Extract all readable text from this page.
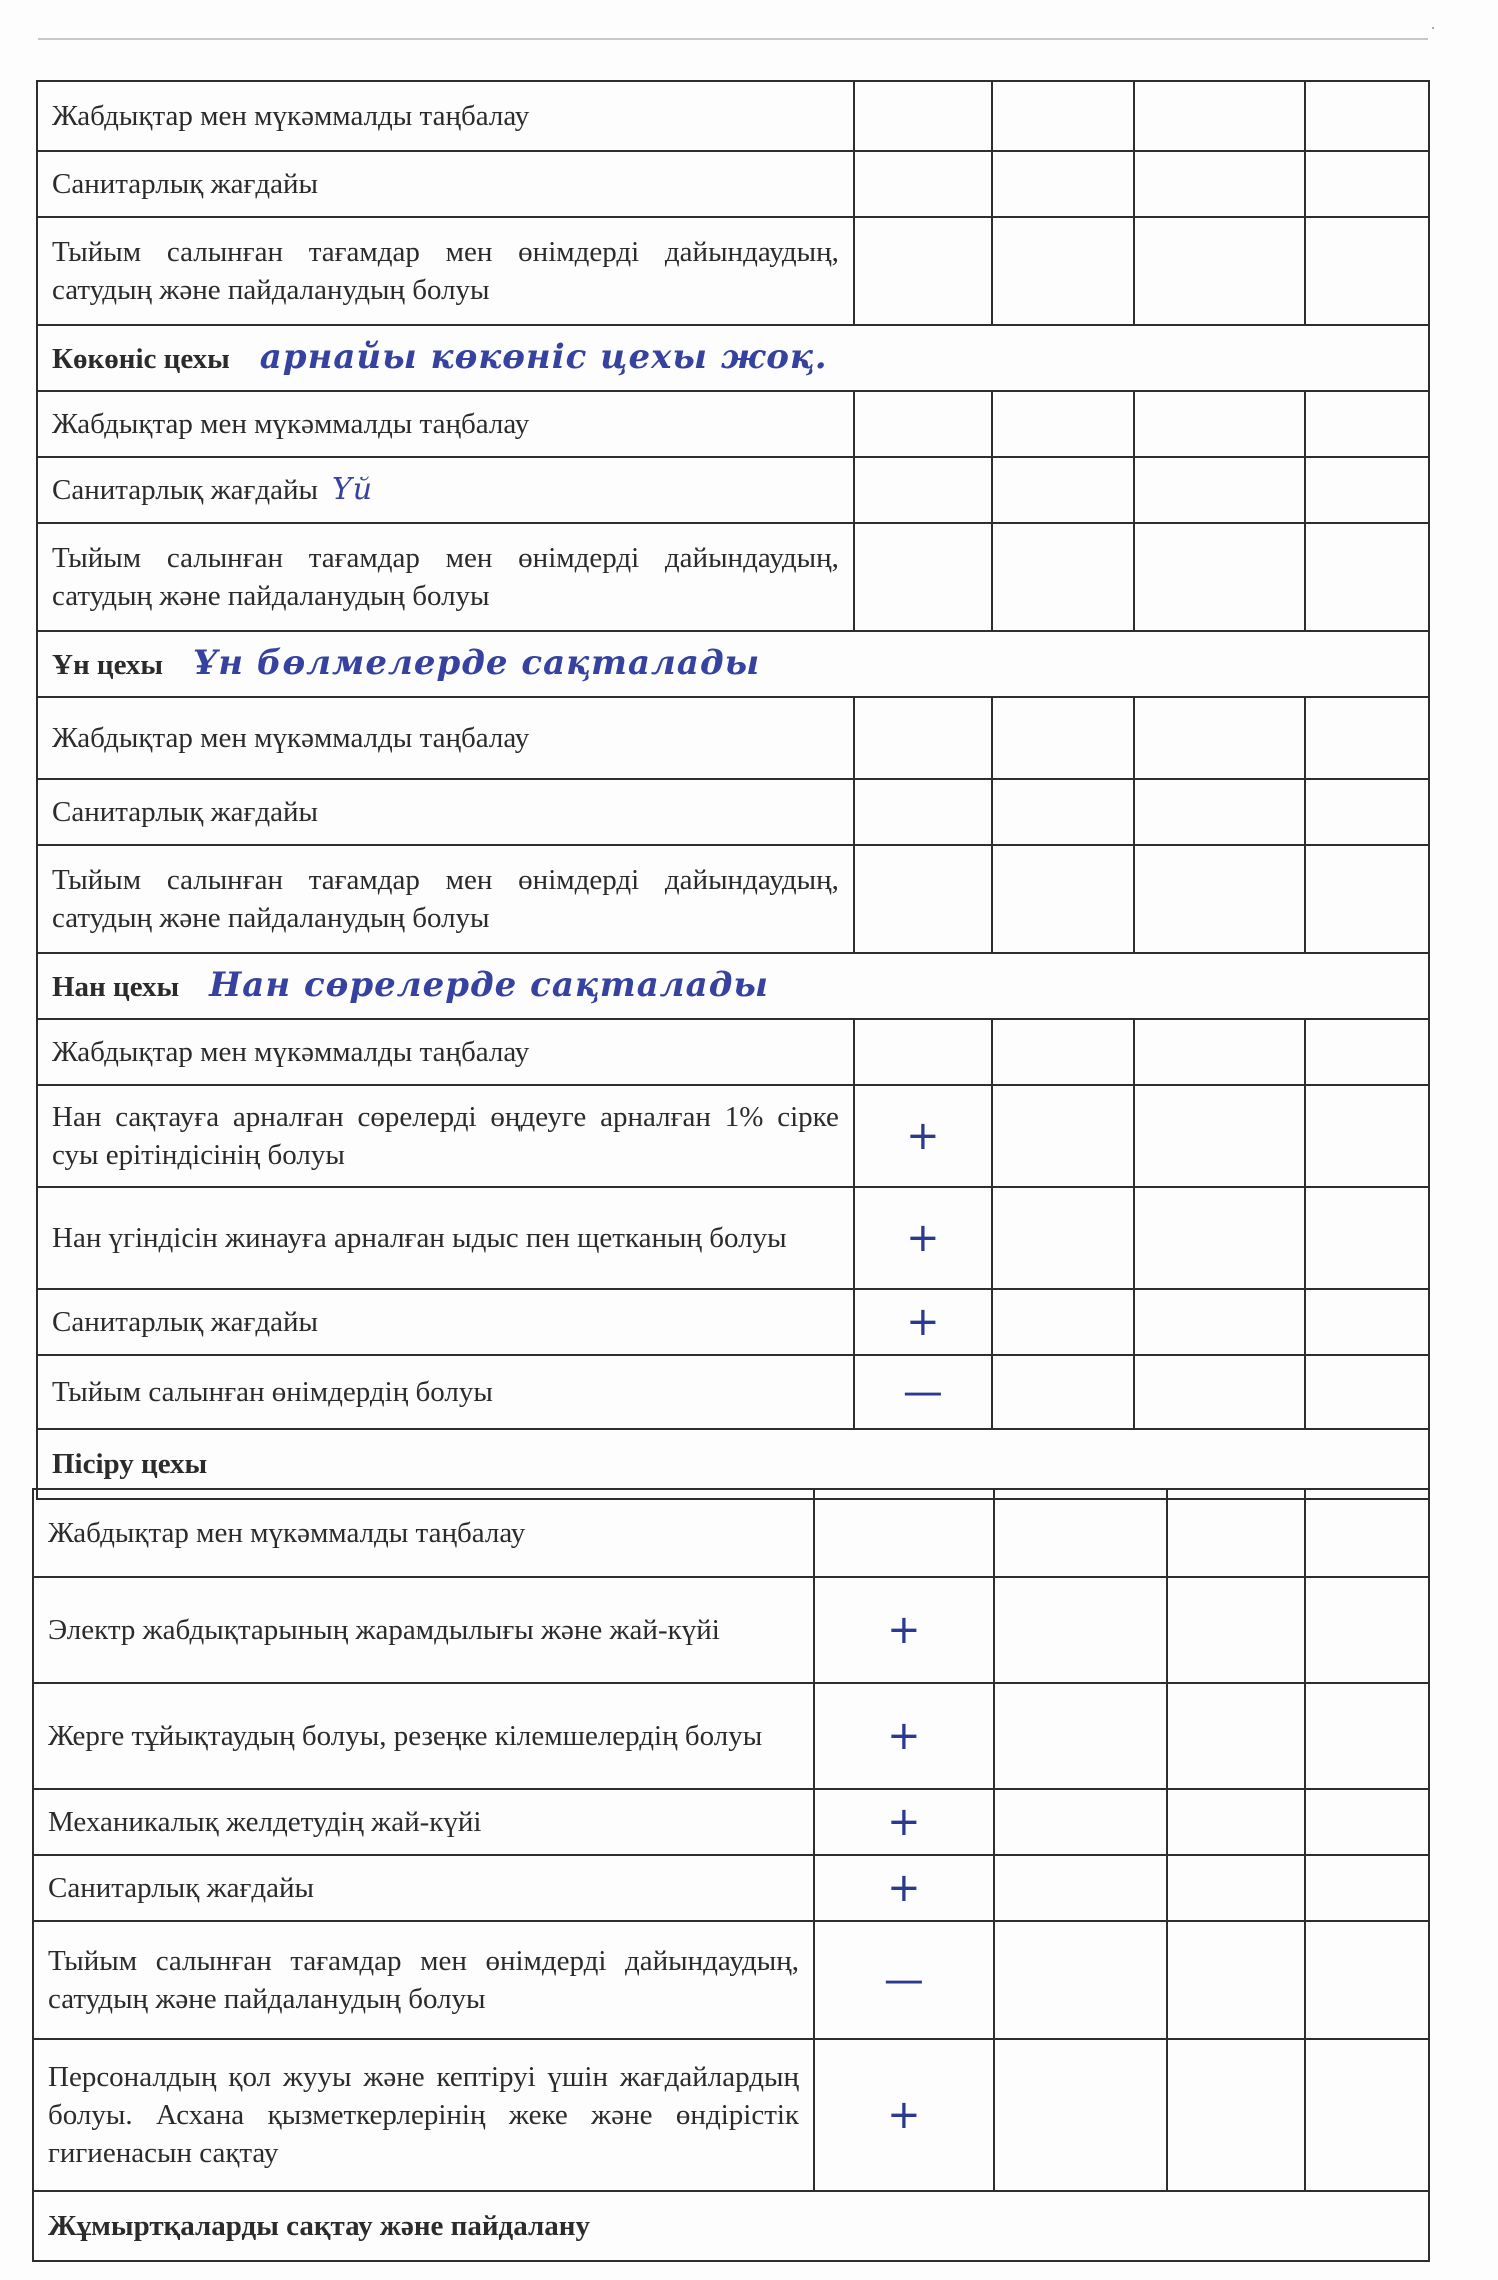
·
Жабдықтар мен мүкәммалды таңбалау				
Санитарлық жағдайы				
Тыйым салынған тағамдар мен өнімдерді дайындаудың, сатудың және пайдаланудың болуы				
Көкөніс цехы арнайы көкөніс цехы жоқ.				
Жабдықтар мен мүкәммалды таңбалау				
Санитарлық жағдайы Үй				
Тыйым салынған тағамдар мен өнімдерді дайындаудың, сатудың және пайдаланудың болуы				
Ұн цехы Ұн бөлмелерде сақталады				
Жабдықтар мен мүкәммалды таңбалау				
Санитарлық жағдайы				
Тыйым салынған тағамдар мен өнімдерді дайындаудың, сатудың және пайдаланудың болуы				
Нан цехы Нан сөрелерде сақталады				
Жабдықтар мен мүкәммалды таңбалау				
Нан сақтауға арналған сөрелерді өңдеуге арналған 1% сірке суы ерітіндісінің болуы	+			
Нан үгіндісін жинауға арналған ыдыс пен щетканың болуы	+			
Санитарлық жағдайы	+			
Тыйым салынған өнімдердің болуы	—			
Пісіру цехы				
Жабдықтар мен мүкәммалды таңбалау				
Электр жабдықтарының жарамдылығы және жай-күйі	+			
Жерге тұйықтаудың болуы, резеңке кілемшелердің болуы	+			
Механикалық желдетудің жай-күйі	+			
Санитарлық жағдайы	+			
Тыйым салынған тағамдар мен өнімдерді дайындаудың, сатудың және пайдаланудың болуы	—			
Персоналдың қол жууы және кептіруі үшін жағдайлардың болуы. Асхана қызметкерлерінің жеке және өндірістік гигиенасын сақтау	+			
Жұмыртқаларды сақтау және пайдалану				
